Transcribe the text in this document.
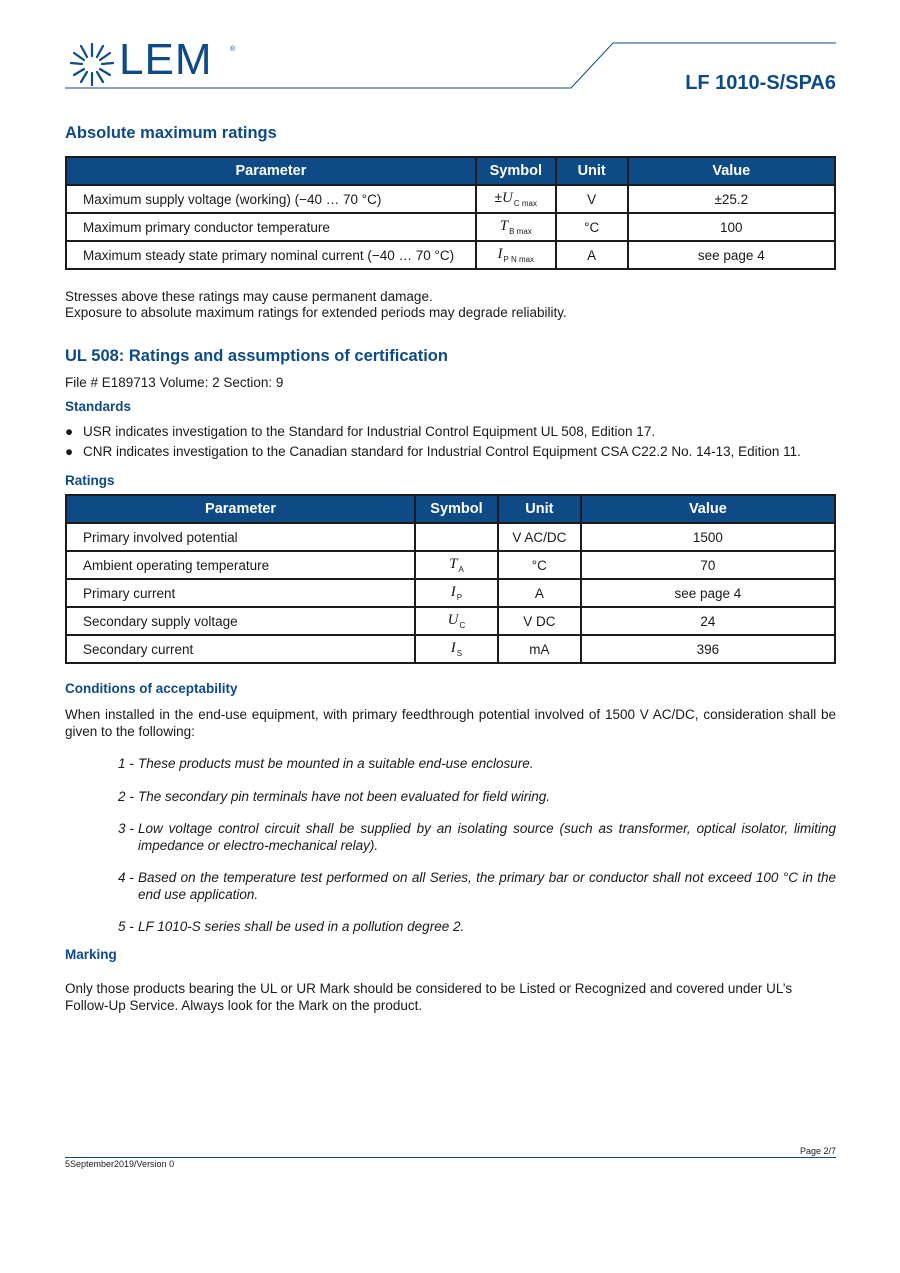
LEM	®
LF 1010-S/SPA6
Absolute maximum ratings
Parameter	Symbol	Unit	Value
Maximum supply voltage (working) (−40 … 70 °C)	$\pm U_{C max}$	V	±25.2
Maximum primary conductor temperature	$T_{B max}$	°C	100
Maximum steady state primary nominal current (−40 … 70 °C)	$I_{P N max}$	A	see page 4
Stresses above these ratings may cause permanent damage.
Exposure to absolute maximum ratings for extended periods may degrade reliability.
UL 508: Ratings and assumptions of certification
File # E189713 Volume: 2 Section: 9
Standards
● USR indicates investigation to the Standard for Industrial Control Equipment UL 508, Edition 17.
● CNR indicates investigation to the Canadian standard for Industrial Control Equipment CSA C22.2 No. 14-13, Edition 11.
Ratings
Parameter	Symbol	Unit	Value
Primary involved potential		V AC/DC	1500
Ambient operating temperature	$T_A$	°C	70
Primary current	$I_P$	A	see page 4
Secondary supply voltage	$U_C$	V DC	24
Secondary current	$I_S$	mA	396
Conditions of acceptability
When installed in the end-use equipment, with primary feedthrough potential involved of 1500 V AC/DC, consideration shall be given to the following:
1 - These products must be mounted in a suitable end-use enclosure.
2 - The secondary pin terminals have not been evaluated for field wiring.
3 - Low voltage control circuit shall be supplied by an isolating source (such as transformer, optical isolator, limiting impedance or electro-mechanical relay).
4 - Based on the temperature test performed on all Series, the primary bar or conductor shall not exceed 100 °C in the end use application.
5 - LF 1010-S series shall be used in a pollution degree 2.
Marking
Only those products bearing the UL or UR Mark should be considered to be Listed or Recognized and covered under UL’s Follow-Up Service. Always look for the Mark on the product.
Page 2/7
5September2019/Version 0
